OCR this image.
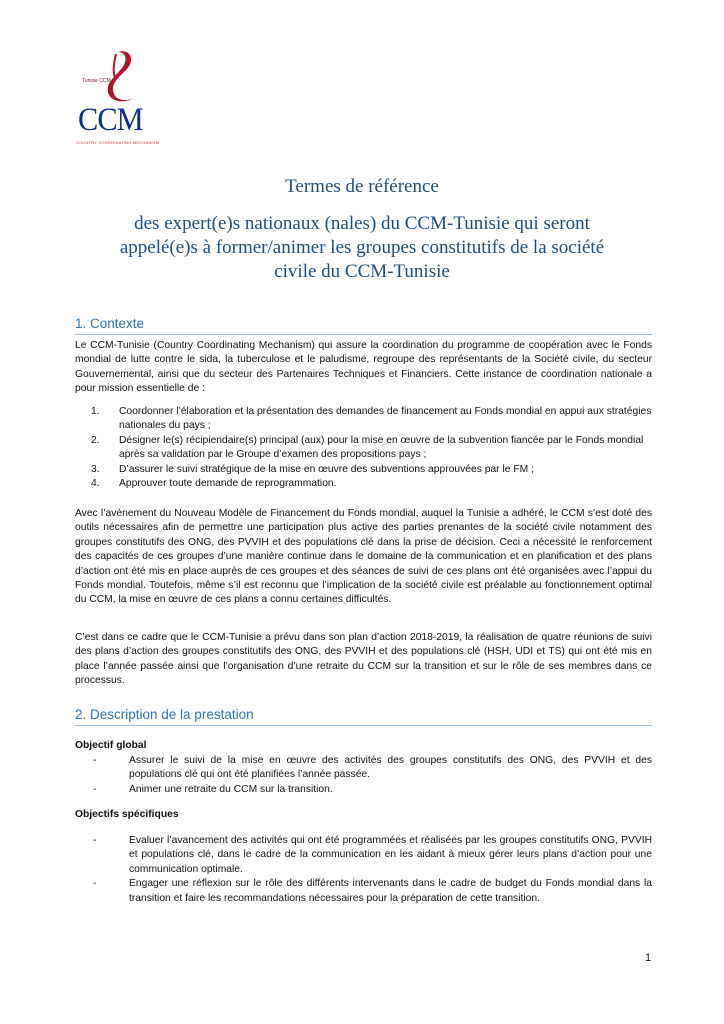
Tunisie CCM
CCM
COUNTRY COORDINATING MECHANISM
Termes de référence
des expert(e)s nationaux (nales) du CCM-Tunisie qui seront appelé(e)s à former/animer les groupes constitutifs de la société civile du CCM-Tunisie
1. Contexte
Le CCM-Tunisie (Country Coordinating Mechanism) qui assure la coordination du programme de coopération avec le Fonds mondial de lutte contre le sida, la tuberculose et le paludisme, regroupe des représentants de la Société civile, du secteur Gouvernemental, ainsi que du secteur des Partenaires Techniques et Financiers. Cette instance de coordination nationale a pour mission essentielle de :
1. Coordonner l’élaboration et la présentation des demandes de financement au Fonds mondial en appui aux stratégies nationales du pays ;
2. Désigner le(s) récipiendaire(s) principal (aux) pour la mise en œuvre de la subvention fiancée par le Fonds mondial après sa validation par le Groupe d’examen des propositions pays ;
3. D’assurer le suivi stratégique de la mise en œuvre des subventions approuvées par le FM ;
4. Approuver toute demande de reprogrammation.
Avec l’avènement du Nouveau Modèle de Financement du Fonds mondial, auquel la Tunisie a adhéré, le CCM s’est doté des outils nécessaires afin de permettre une participation plus active des parties prenantes de la société civile notamment des groupes constitutifs des ONG, des PVVIH et des populations clé dans la prise de décision. Ceci a nécessité le renforcement des capacités de ces groupes d’une manière continue dans le domaine de la communication et en planification et des plans d’action ont été mis en place auprès de ces groupes et des séances de suivi de ces plans ont été organisées avec l’appui du Fonds mondial. Toutefois, même s’il est reconnu que l’implication de la société civile est préalable au fonctionnement optimal du CCM, la mise en œuvre de ces plans a connu certaines difficultés.
C’est dans ce cadre que le CCM-Tunisie a prévu dans son plan d’action 2018-2019, la réalisation de quatre réunions de suivi des plans d’action des groupes constitutifs des ONG, des PVVIH et des populations clé (HSH, UDI et TS) qui ont été mis en place l’année passée ainsi que l’organisation d’une retraite du CCM sur la transition et sur le rôle de ses membres dans ce processus.
2. Description de la prestation
Objectif global
-	Assurer le suivi de la mise en œuvre des activités des groupes constitutifs des ONG, des PVVIH et des populations clé qui ont été planifiées l’année passée.
-	Animer une retraite du CCM sur la transition.
Objectifs spécifiques
-	Evaluer l’avancement des activités qui ont été programmées et réalisées par les groupes constitutifs ONG, PVVIH et populations clé, dans le cadre de la communication en les aidant à mieux gérer leurs plans d’action pour une communication optimale.
-	Engager une réflexion sur le rôle des différents intervenants dans le cadre de budget du Fonds mondial dans la transition et faire les recommandations nécessaires pour la préparation de cette transition.
1
